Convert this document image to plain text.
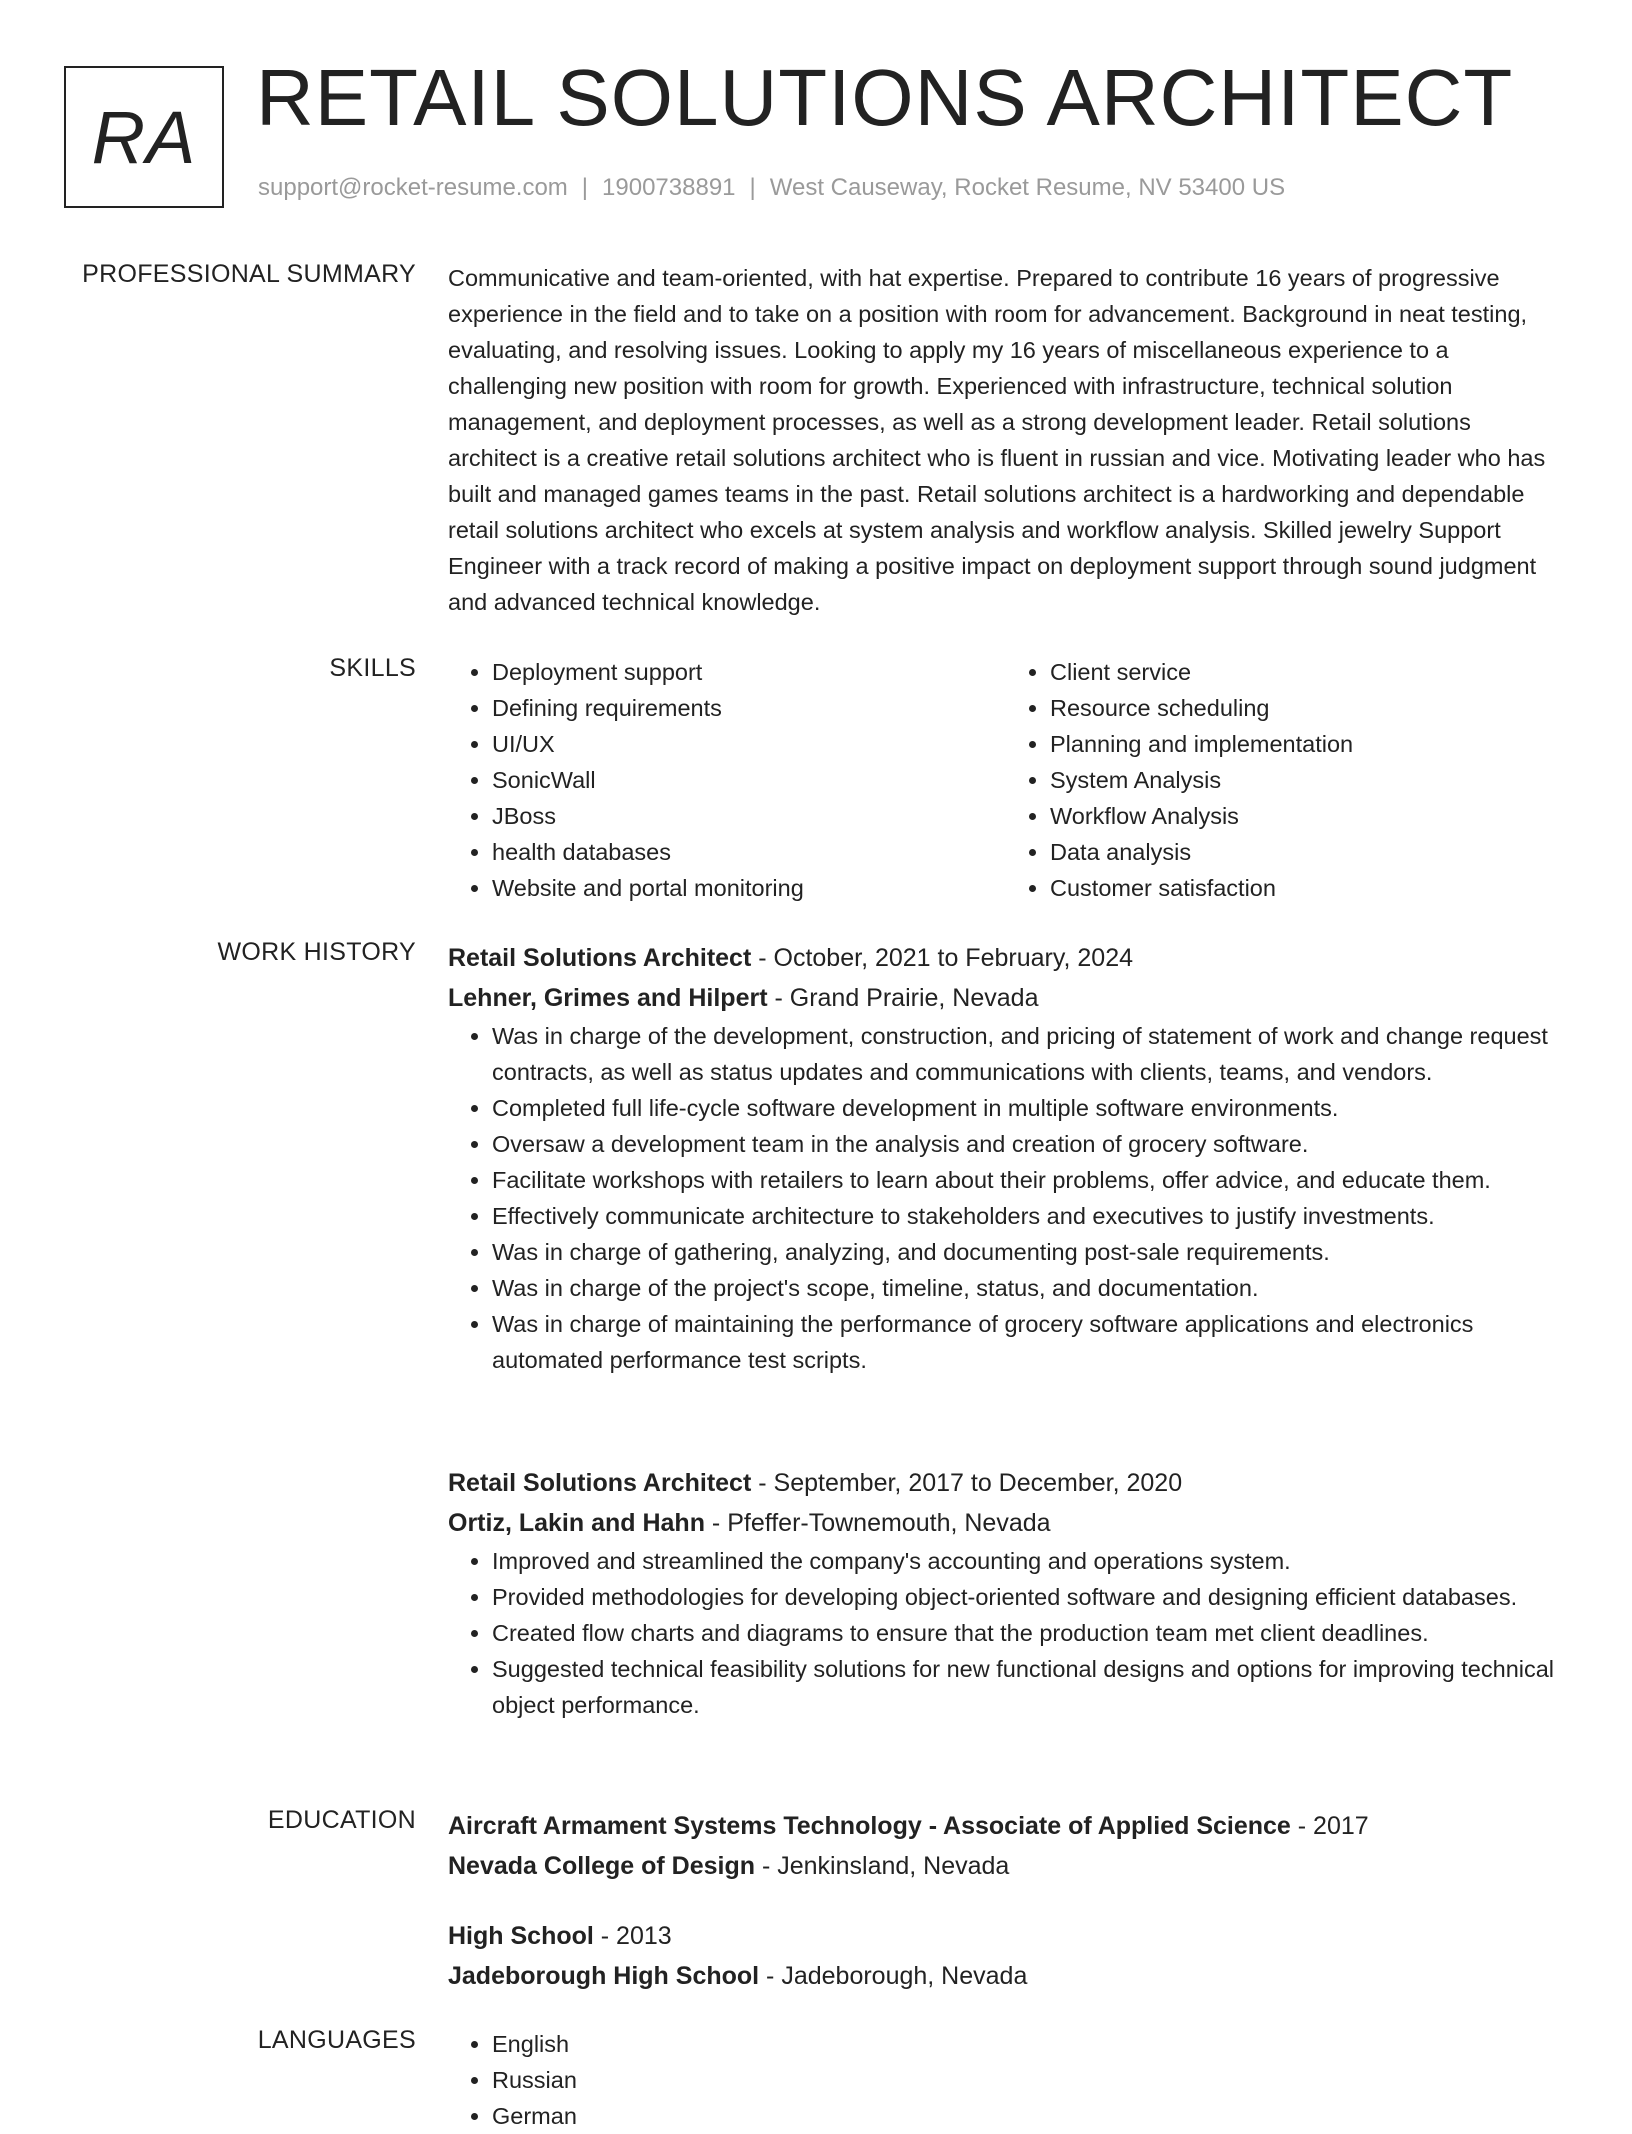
RA RETAIL SOLUTIONS ARCHITECT
support@rocket-resume.com | 1900738891 | West Causeway, Rocket Resume, NV 53400 US
PROFESSIONAL SUMMARY Communicative and team-oriented, with hat expertise. Prepared to contribute 16 years of progressive experience in the field and to take on a position with room for advancement. Background in neat testing, evaluating, and resolving issues. Looking to apply my 16 years of miscellaneous experience to a challenging new position with room for growth. Experienced with infrastructure, technical solution management, and deployment processes, as well as a strong development leader. Retail solutions architect is a creative retail solutions architect who is fluent in russian and vice. Motivating leader who has built and managed games teams in the past. Retail solutions architect is a hardworking and dependable retail solutions architect who excels at system analysis and workflow analysis. Skilled jewelry Support Engineer with a track record of making a positive impact on deployment support through sound judgment and advanced technical knowledge.
SKILLS	• Deployment support
• Defining requirements
• UI/UX
• SonicWall
• JBoss
• health databases
• Website and portal monitoring
• Client service
• Resource scheduling
• Planning and implementation
• System Analysis
• Workflow Analysis
• Data analysis
• Customer satisfaction
WORK HISTORY Retail Solutions Architect - October, 2021 to February, 2024
Lehner, Grimes and Hilpert - Grand Prairie, Nevada
• Was in charge of the development, construction, and pricing of statement of work and change request contracts, as well as status updates and communications with clients, teams, and vendors.
• Completed full life-cycle software development in multiple software environments.
• Oversaw a development team in the analysis and creation of grocery software.
• Facilitate workshops with retailers to learn about their problems, offer advice, and educate them.
• Effectively communicate architecture to stakeholders and executives to justify investments.
• Was in charge of gathering, analyzing, and documenting post-sale requirements.
• Was in charge of the project's scope, timeline, status, and documentation.
• Was in charge of maintaining the performance of grocery software applications and electronics automated performance test scripts.
Retail Solutions Architect - September, 2017 to December, 2020
Ortiz, Lakin and Hahn - Pfeffer-Townemouth, Nevada
• Improved and streamlined the company's accounting and operations system.
• Provided methodologies for developing object-oriented software and designing efficient databases.
• Created flow charts and diagrams to ensure that the production team met client deadlines.
• Suggested technical feasibility solutions for new functional designs and options for improving technical object performance.
EDUCATION Aircraft Armament Systems Technology - Associate of Applied Science - 2017
Nevada College of Design - Jenkinsland, Nevada
High School - 2013
Jadeborough High School - Jadeborough, Nevada
LANGUAGES	• English
• Russian
• German
